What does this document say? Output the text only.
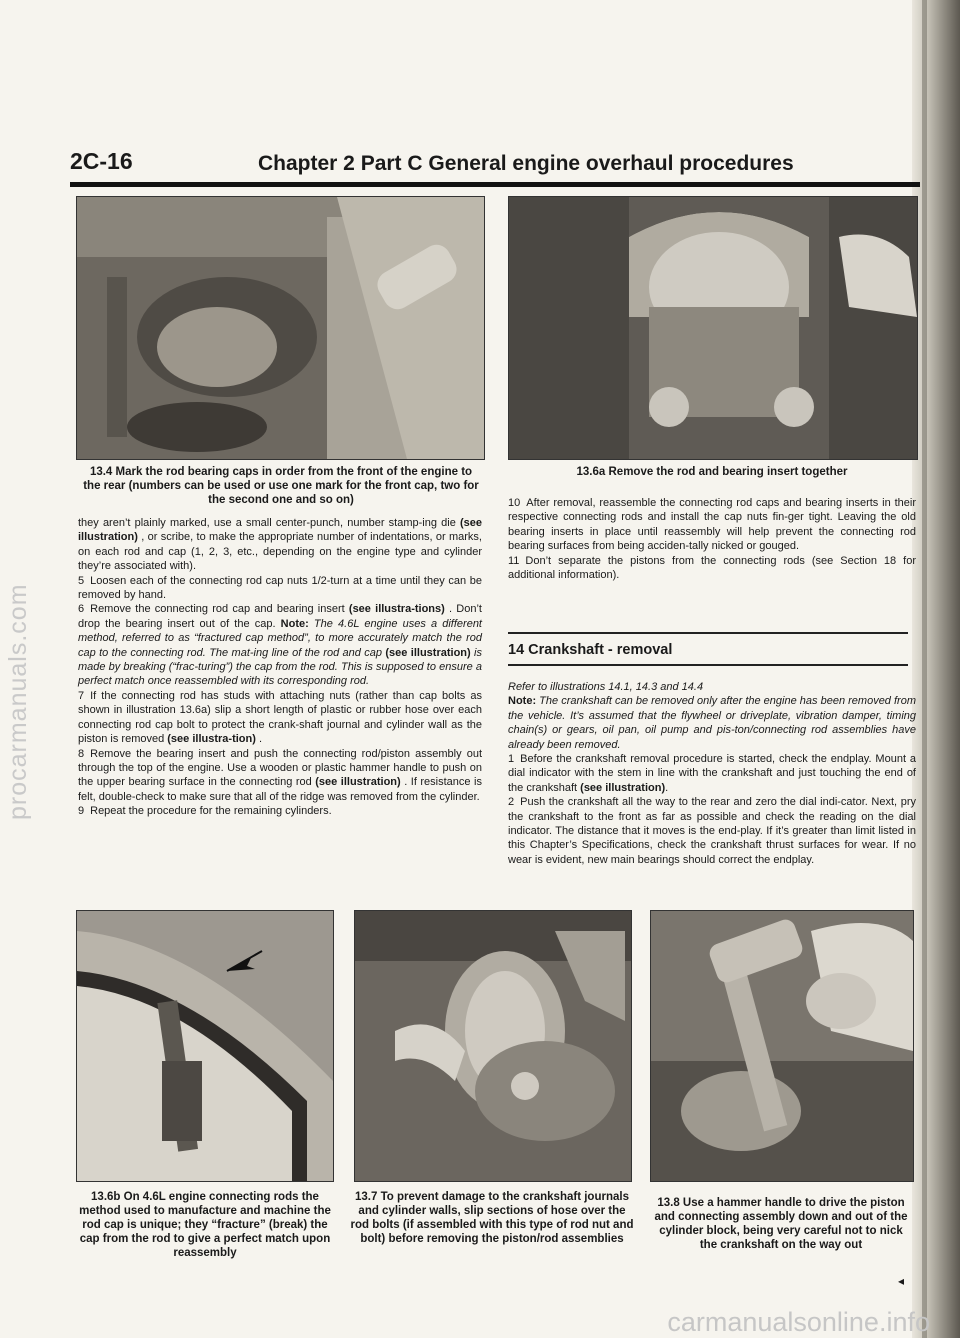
procarmanuals.com
2C-16	Chapter 2 Part C General engine overhaul procedures
13.4 Mark the rod bearing caps in order from the front of the engine to the rear (numbers can be used or use one mark for the front cap, two for the second one and so on)
13.6a Remove the rod and bearing insert together

they aren’t plainly marked, use a small center-punch, number stamp-ing die (see illustration) , or scribe, to make the appropriate number of indentations, or marks, on each rod and cap (1, 2, 3, etc., depending on the engine type and cylinder they’re associated with).

5 Loosen each of the connecting rod cap nuts 1/2-turn at a time until they can be removed by hand.

6 Remove the connecting rod cap and bearing insert (see illustra-tions) . Don’t drop the bearing insert out of the cap. Note: The 4.6L engine uses a different method, referred to as “fractured cap method”, to more accurately match the rod cap to the connecting rod. The mat-ing line of the rod and cap (see illustration) is made by breaking (“frac-turing”) the cap from the rod. This is supposed to ensure a perfect match once reassembled with its corresponding rod.

7 If the connecting rod has studs with attaching nuts (rather than cap bolts as shown in illustration 13.6a) slip a short length of plastic or rubber hose over each connecting rod cap bolt to protect the crank-shaft journal and cylinder wall as the piston is removed (see illustra-tion) .

8 Remove the bearing insert and push the connecting rod/piston assembly out through the top of the engine. Use a wooden or plastic hammer handle to push on the upper bearing surface in the connecting rod (see illustration) . If resistance is felt, double-check to make sure that all of the ridge was removed from the cylinder.

9 Repeat the procedure for the remaining cylinders.

10 After removal, reassemble the connecting rod caps and bearing inserts in their respective connecting rods and install the cap nuts fin-ger tight. Leaving the old bearing inserts in place until reassembly will help prevent the connecting rod bearing surfaces from being acciden-tally nicked or gouged.

11 Don’t separate the pistons from the connecting rods (see Section 18 for additional information).

14 Crankshaft - removal

Refer to illustrations 14.1, 14.3 and 14.4

Note: The crankshaft can be removed only after the engine has been removed from the vehicle. It’s assumed that the flywheel or driveplate, vibration damper, timing chain(s) or gears, oil pan, oil pump and pis-ton/connecting rod assemblies have already been removed.

1 Before the crankshaft removal procedure is started, check the endplay. Mount a dial indicator with the stem in line with the crankshaft and just touching the end of the crankshaft (see illustration).

2 Push the crankshaft all the way to the rear and zero the dial indi-cator. Next, pry the crankshaft to the front as far as possible and check the reading on the dial indicator. The distance that it moves is the end-play. If it’s greater than limit listed in this Chapter’s Specifications, check the crankshaft thrust surfaces for wear. If no wear is evident, new main bearings should correct the endplay.

13.6b On 4.6L engine connecting rods the method used to manufacture and machine the rod cap is unique; they “fracture” (break) the cap from the rod to give a perfect match upon reassembly
13.7 To prevent damage to the crankshaft journals and cylinder walls, slip sections of hose over the rod bolts (if assembled with this type of rod nut and bolt) before removing the piston/rod assemblies
13.8 Use a hammer handle to drive the piston and connecting assembly down and out of the cylinder block, being very careful not to nick the crankshaft on the way out
◂
carmanualsonline.info
